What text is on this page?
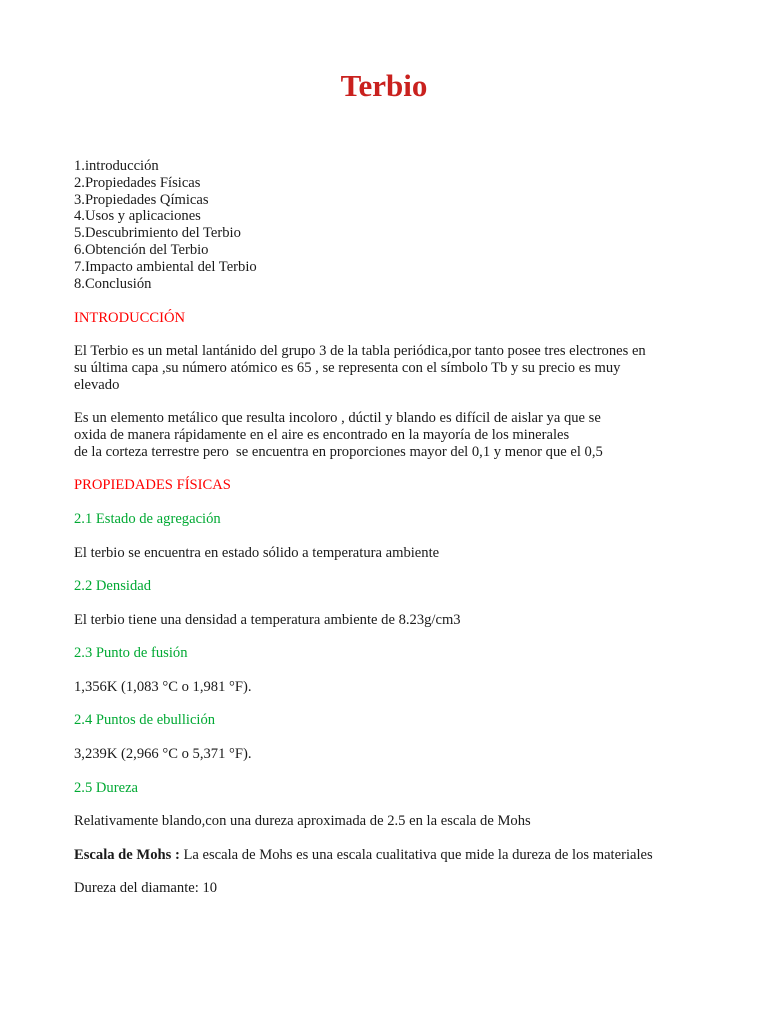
Terbio
1.introducción
2.Propiedades Físicas
3.Propiedades Qímicas
4.Usos y aplicaciones
5.Descubrimiento del Terbio
6.Obtención del Terbio
7.Impacto ambiental del Terbio
8.Conclusión

INTRODUCCIÓN

El Terbio es un metal lantánido del grupo 3 de la tabla periódica,por tanto posee tres electrones en
su última capa ,su número atómico es 65 , se representa con el símbolo Tb y su precio es muy
elevado

Es un elemento metálico que resulta incoloro , dúctil y blando es difícil de aislar ya que se
oxida de manera rápidamente en el aire es encontrado en la mayoría de los minerales
de la corteza terrestre pero  se encuentra en proporciones mayor del 0,1 y menor que el 0,5

PROPIEDADES FÍSICAS

2.1 Estado de agregación

El terbio se encuentra en estado sólido a temperatura ambiente

2.2 Densidad

El terbio tiene una densidad a temperatura ambiente de 8.23g/cm3

2.3 Punto de fusión

1,356K (1,083 °C o 1,981 °F).

2.4 Puntos de ebullición

3,239K (2,966 °C o 5,371 °F).

2.5 Dureza

Relativamente blando,con una dureza aproximada de 2.5 en la escala de Mohs

Escala de Mohs : La escala de Mohs es una escala cualitativa que mide la dureza de los materiales

Dureza del diamante: 10
